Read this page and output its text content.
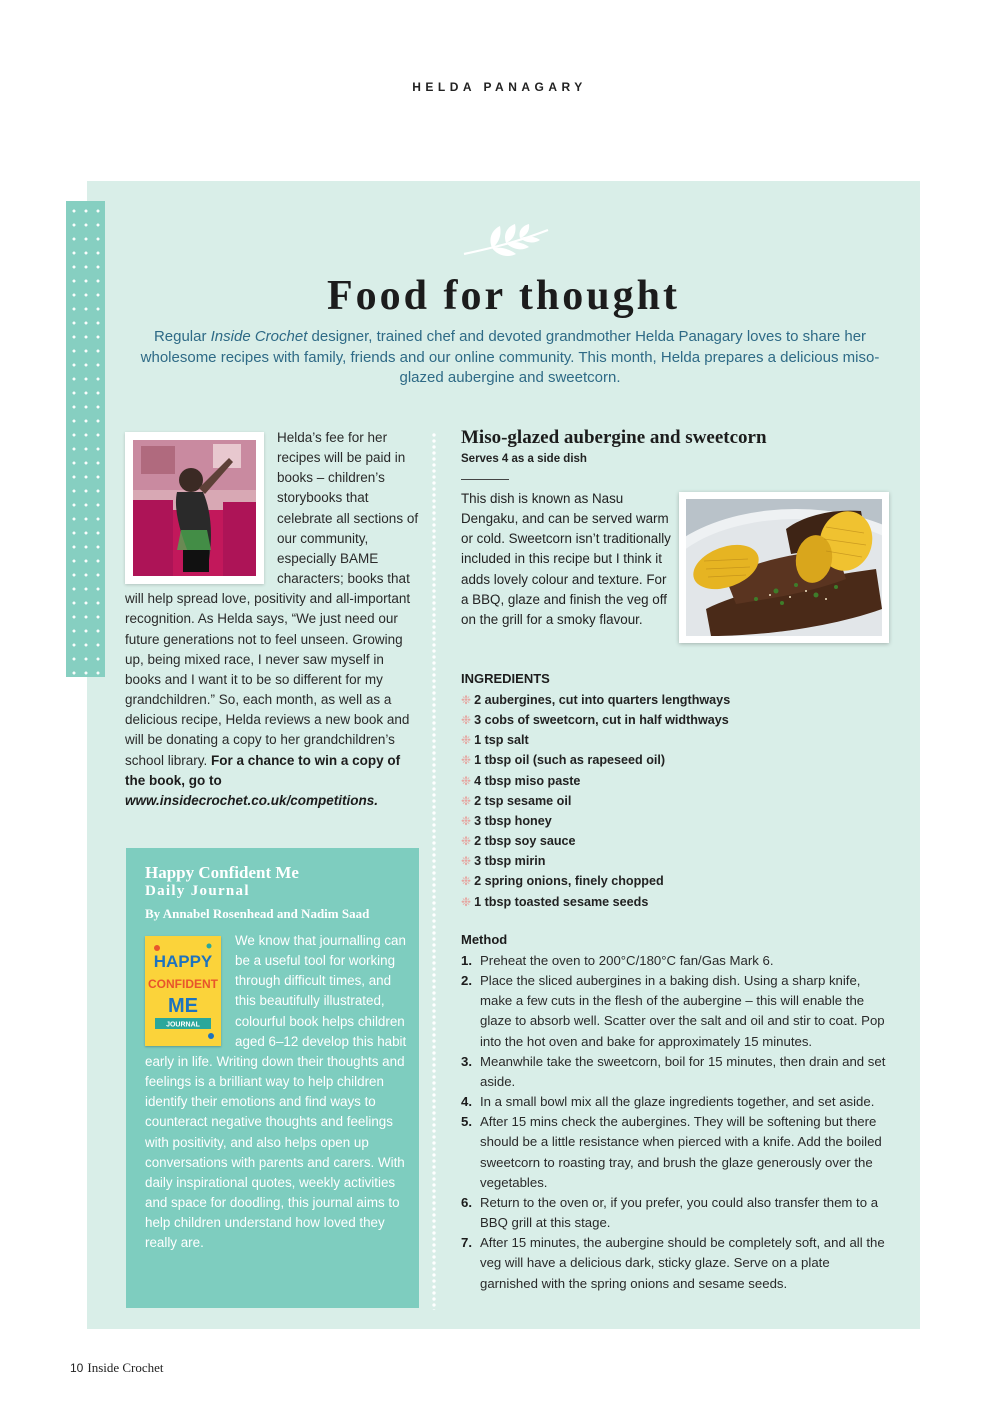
HELDA PANAGARY
Food for thought

Regular Inside Crochet designer, trained chef and devoted grandmother Helda Panagary loves to share her wholesome recipes with family, friends and our online community. This month, Helda prepares a delicious miso-glazed aubergine and sweetcorn.

Helda’s fee for her recipes will be paid in books – children’s storybooks that celebrate all sections of our community, especially BAME characters; books that will help spread love, positivity and all-important recognition. As Helda says, “We just need our future generations not to feel unseen. Growing up, being mixed race, I never saw myself in books and I want it to be so different for my grandchildren.” So, each month, as well as a delicious recipe, Helda reviews a new book and will be donating a copy to her grandchildren’s school library. For a chance to win a copy of the book, go to www.insidecrochet.co.uk/competitions.
Happy Confident Me
Daily Journal
By Annabel Rosenhead and Nadim Saad
We know that journalling can be a useful tool for working through difficult times, and this beautifully illustrated, colourful book helps children aged 6–12 develop this habit early in life. Writing down their thoughts and feelings is a brilliant way to help children identify their emotions and find ways to counteract negative thoughts and feelings with positivity, and also helps open up conversations with parents and carers. With daily inspirational quotes, weekly activities and space for doodling, this journal aims to help children understand how loved they really are.
HAPPY
CONFIDENT
ME
JOURNAL
Miso-glazed aubergine and sweetcorn
Serves 4 as a side dish

This dish is known as Nasu Dengaku, and can be served warm or cold. Sweetcorn isn’t traditionally included in this recipe but I think it adds lovely colour and texture. For a BBQ, glaze and finish the veg off on the grill for a smoky flavour.

INGREDIENTS
❉ 2 aubergines, cut into quarters lengthways
❉ 3 cobs of sweetcorn, cut in half widthways
❉ 1 tsp salt
❉ 1 tbsp oil (such as rapeseed oil)
❉ 4 tbsp miso paste
❉ 2 tsp sesame oil
❉ 3 tbsp honey
❉ 2 tbsp soy sauce
❉ 3 tbsp mirin
❉ 2 spring onions, finely chopped
❉ 1 tbsp toasted sesame seeds
Method
1. Preheat the oven to 200°C/180°C fan/Gas Mark 6.
2. Place the sliced aubergines in a baking dish. Using a sharp knife, make a few cuts in the flesh of the aubergine – this will enable the glaze to absorb well. Scatter over the salt and oil and stir to coat. Pop into the hot oven and bake for approximately 15 minutes.
3. Meanwhile take the sweetcorn, boil for 15 minutes, then drain and set aside.
4. In a small bowl mix all the glaze ingredients together, and set aside.
5. After 15 mins check the aubergines. They will be softening but there should be a little resistance when pierced with a knife. Add the boiled sweetcorn to roasting tray, and brush the glaze generously over the vegetables.
6. Return to the oven or, if you prefer, you could also transfer them to a BBQ grill at this stage.
7. After 15 minutes, the aubergine should be completely soft, and all the veg will have a delicious dark, sticky glaze. Serve on a plate garnished with the spring onions and sesame seeds.
10 Inside Crochet
